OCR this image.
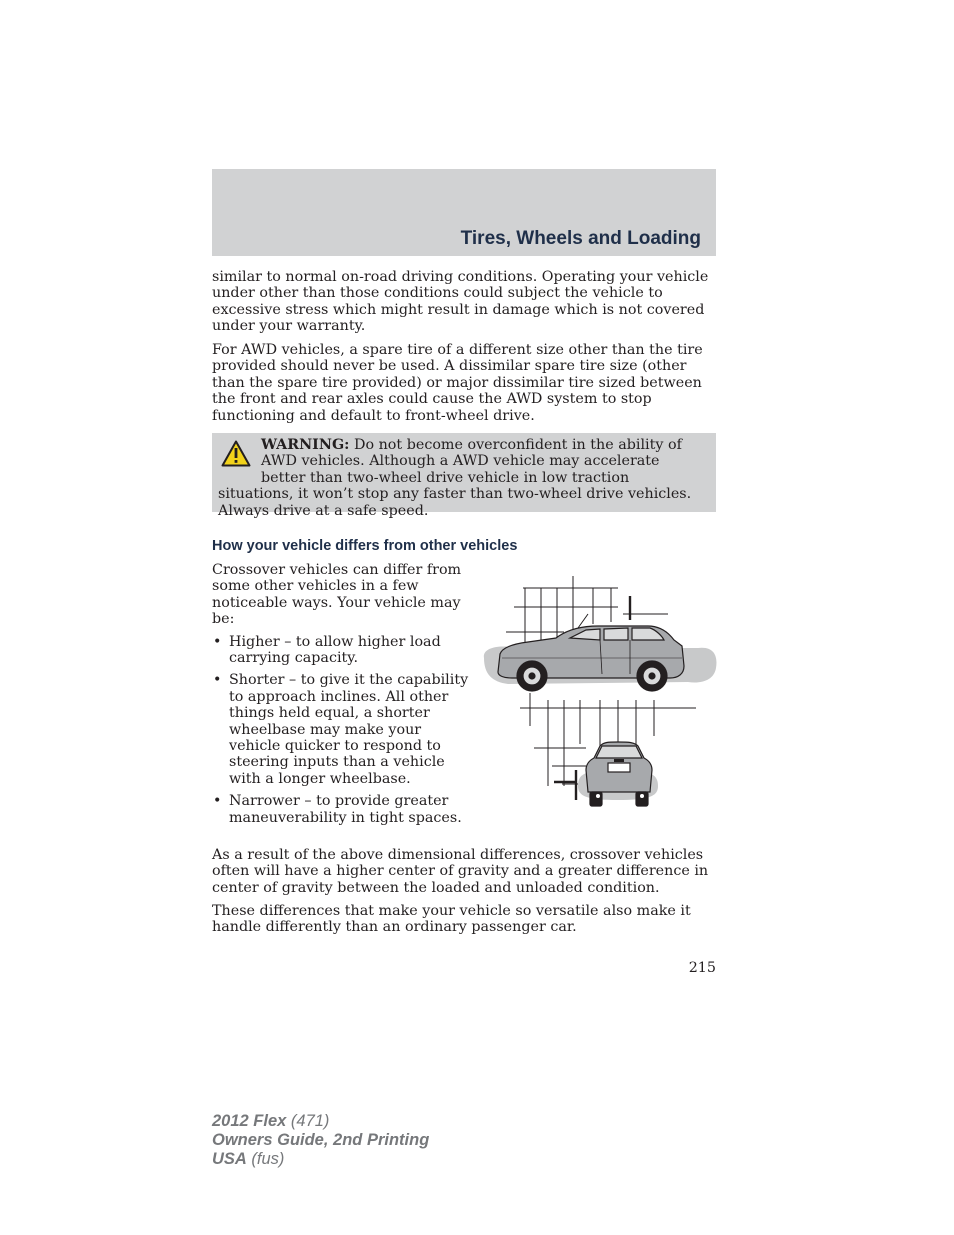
Tires, Wheels and Loading

similar to normal on-road driving conditions. Operating your vehicle under other than those conditions could subject the vehicle to excessive stress which might result in damage which is not covered under your warranty.

For AWD vehicles, a spare tire of a different size other than the tire provided should never be used. A dissimilar spare tire size (other than the spare tire provided) or major dissimilar tire sized between the front and rear axles could cause the AWD system to stop functioning and default to front-wheel drive.

WARNING: Do not become overconfident in the ability of AWD vehicles. Although a AWD vehicle may accelerate better than two-wheel drive vehicle in low traction situations, it won’t stop any faster than two-wheel drive vehicles. Always drive at a safe speed.

How your vehicle differs from other vehicles

Crossover vehicles can differ from some other vehicles in a few noticeable ways. Your vehicle may be:

• Higher – to allow higher load carrying capacity.
• Shorter – to give it the capability to approach inclines. All other things held equal, a shorter wheelbase may make your vehicle quicker to respond to steering inputs than a vehicle with a longer wheelbase.
• Narrower – to provide greater maneuverability in tight spaces.

As a result of the above dimensional differences, crossover vehicles often will have a higher center of gravity and a greater difference in center of gravity between the loaded and unloaded condition.

These differences that make your vehicle so versatile also make it handle differently than an ordinary passenger car.

215
2012 Flex (471)
Owners Guide, 2nd Printing
USA (fus)
